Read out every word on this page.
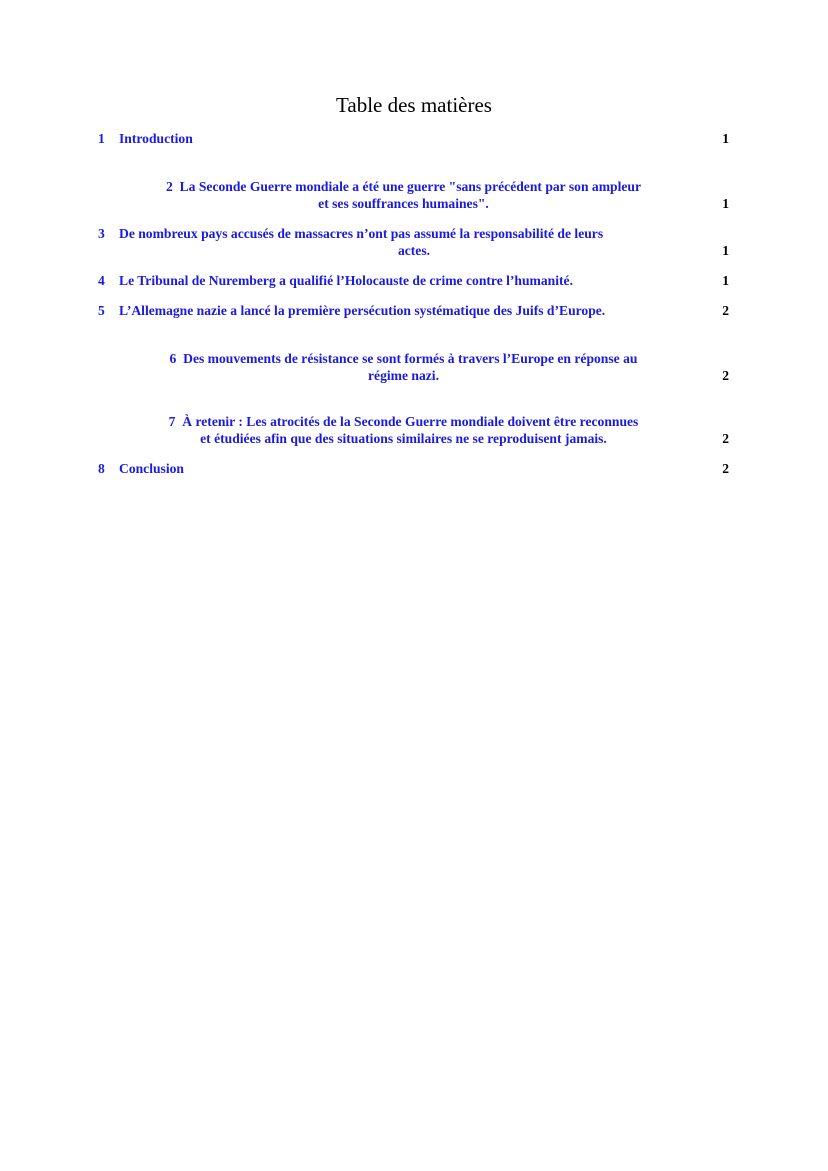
Table des matières
1 Introduction	1
2 La Seconde Guerre mondiale a été une guerre "sans précédent par son ampleur
et ses souffrances humaines".	1
3 De nombreux pays accusés de massacres n’ont pas assumé la responsabilité de leurs
actes.	1
4 Le Tribunal de Nuremberg a qualifié l’Holocauste de crime contre l’humanité.	1
5 L’Allemagne nazie a lancé la première persécution systématique des Juifs d’Europe.	2
6 Des mouvements de résistance se sont formés à travers l’Europe en réponse au
régime nazi.	2
7 À retenir : Les atrocités de la Seconde Guerre mondiale doivent être reconnues
et étudiées afin que des situations similaires ne se reproduisent jamais.	2
8 Conclusion	2
